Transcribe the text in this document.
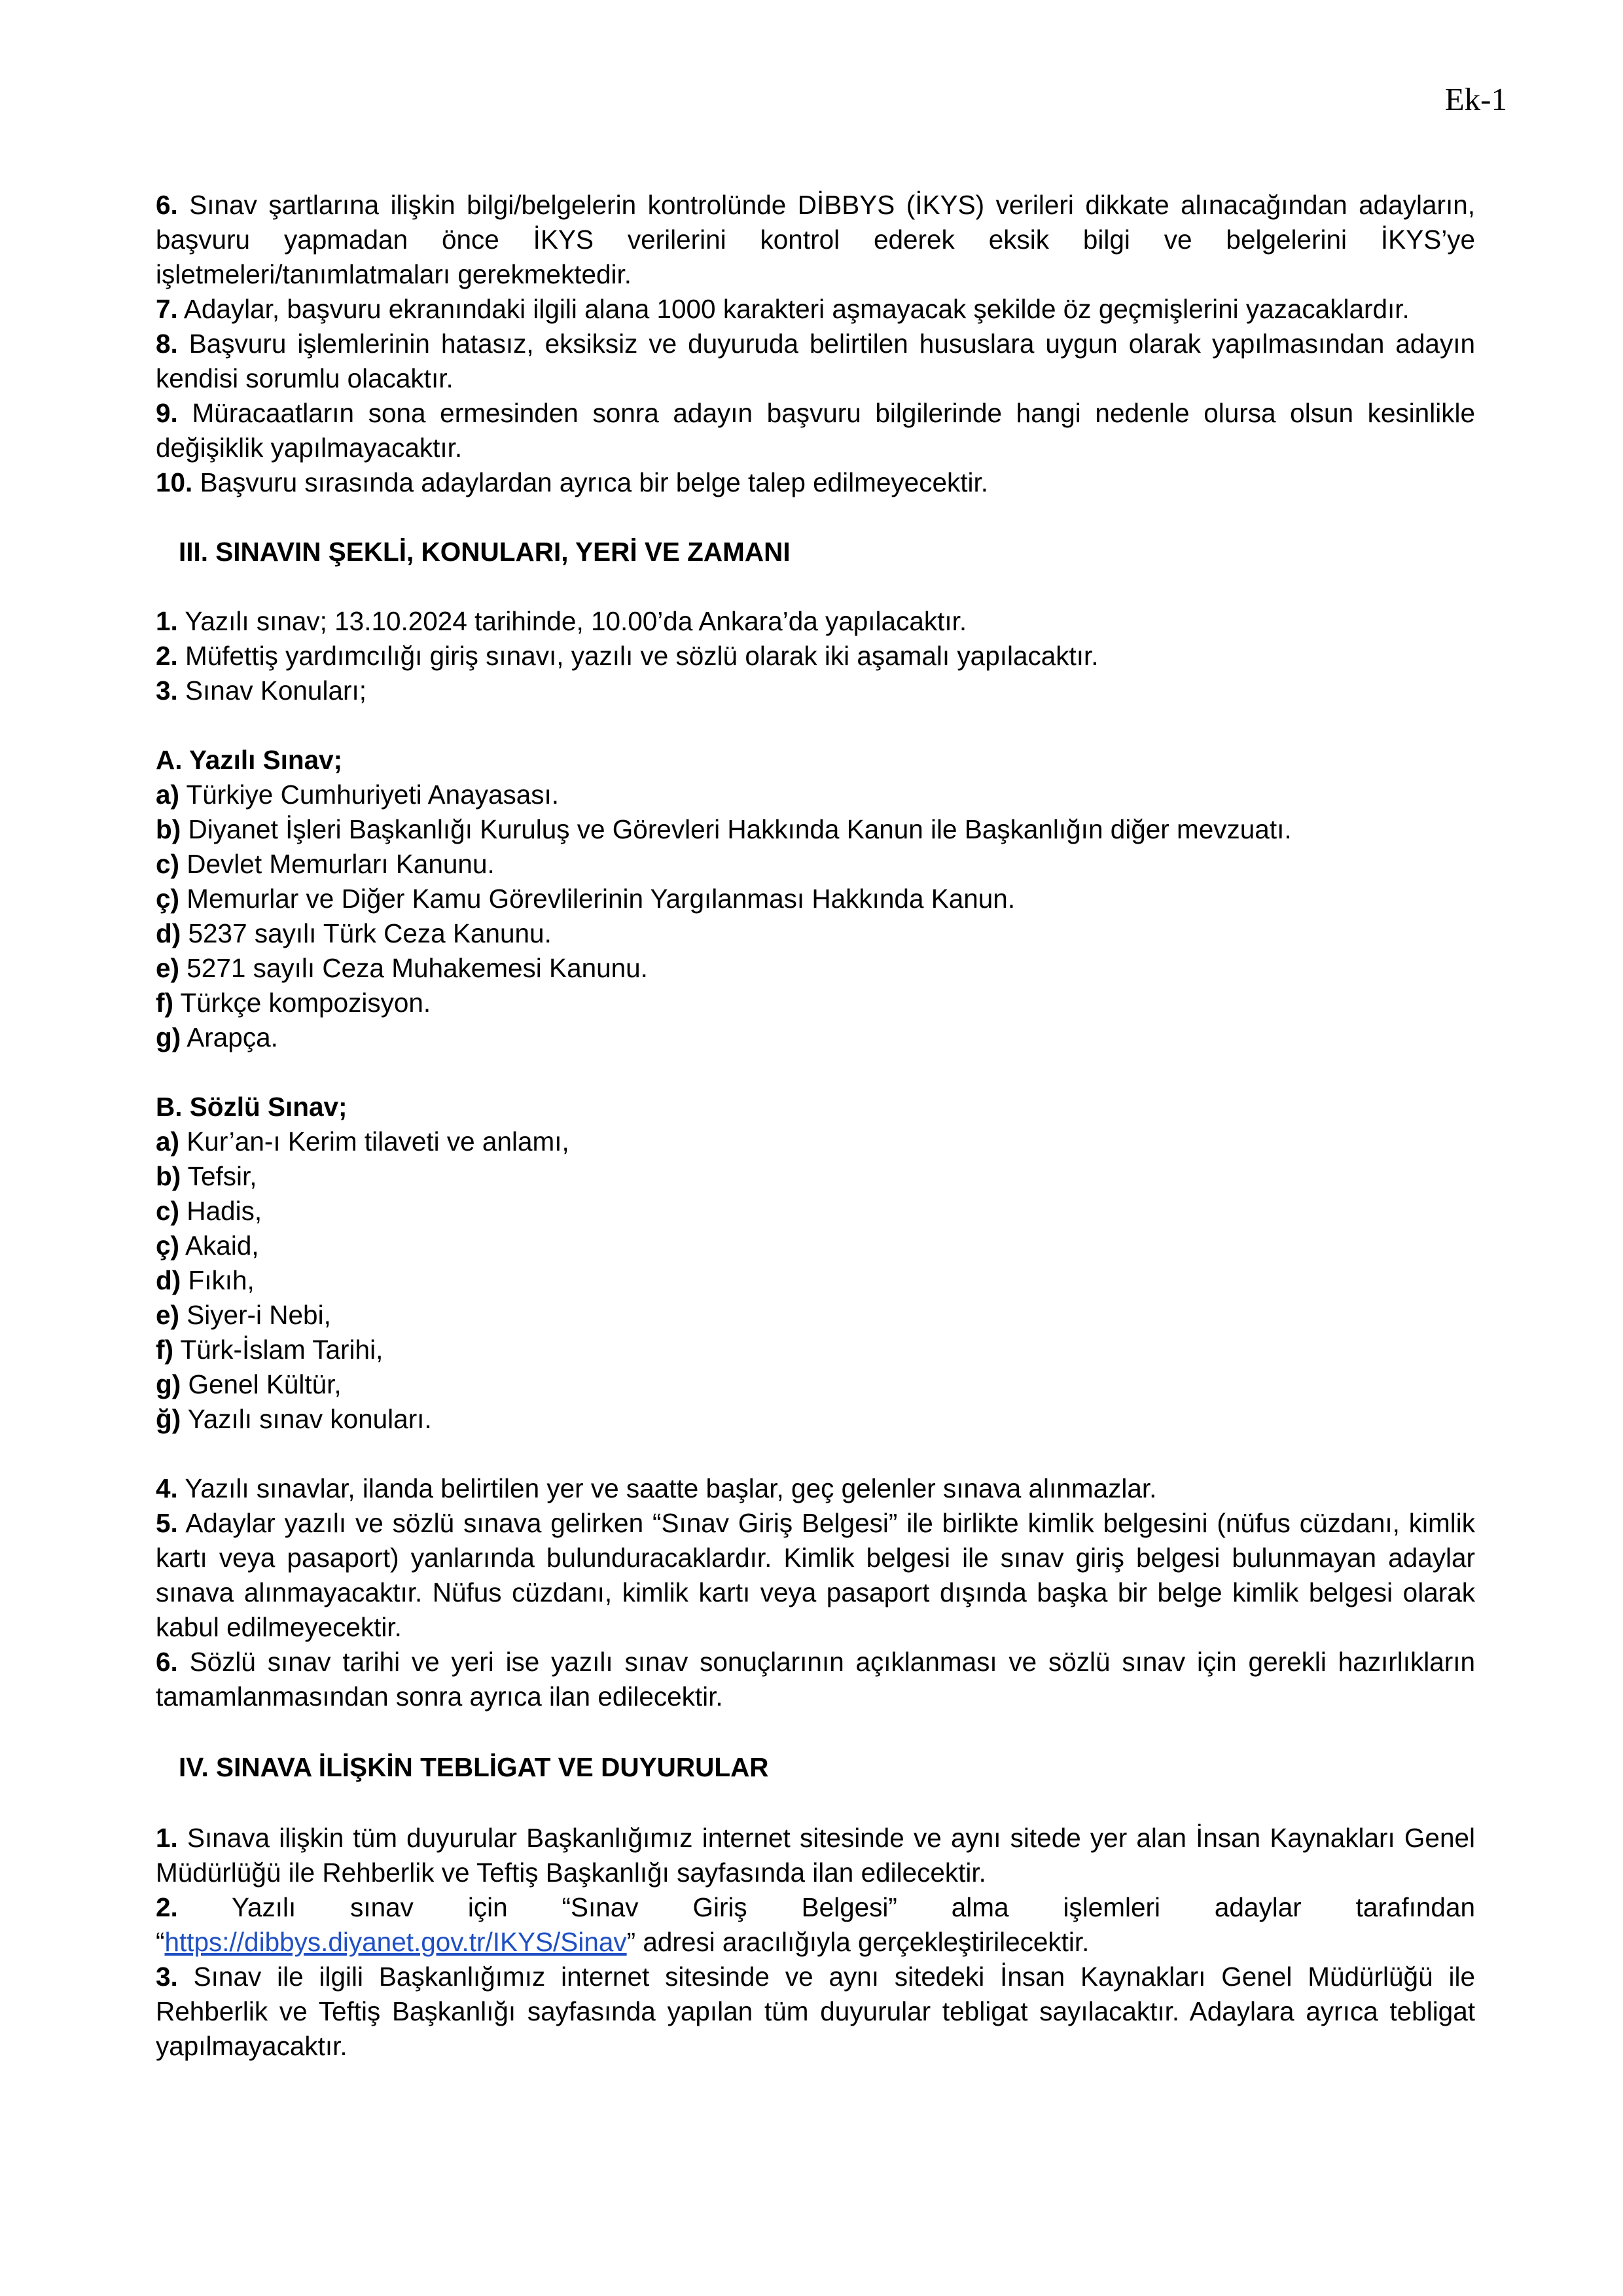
Ek-1

6. Sınav şartlarına ilişkin bilgi/belgelerin kontrolünde DİBBYS (İKYS) verileri dikkate alınacağından adayların, başvuru yapmadan önce İKYS verilerini kontrol ederek eksik bilgi ve belgelerini İKYS’ye işletmeleri/tanımlatmaları gerekmektedir.

7. Adaylar, başvuru ekranındaki ilgili alana 1000 karakteri aşmayacak şekilde öz geçmişlerini yazacaklardır.

8. Başvuru işlemlerinin hatasız, eksiksiz ve duyuruda belirtilen hususlara uygun olarak yapılmasından adayın kendisi sorumlu olacaktır.

9. Müracaatların sona ermesinden sonra adayın başvuru bilgilerinde hangi nedenle olursa olsun kesinlikle değişiklik yapılmayacaktır.

10. Başvuru sırasında adaylardan ayrıca bir belge talep edilmeyecektir.

III. SINAVIN ŞEKLİ, KONULARI, YERİ VE ZAMANI

1. Yazılı sınav; 13.10.2024 tarihinde, 10.00’da Ankara’da yapılacaktır.

2. Müfettiş yardımcılığı giriş sınavı, yazılı ve sözlü olarak iki aşamalı yapılacaktır.

3. Sınav Konuları;

A. Yazılı Sınav;

a) Türkiye Cumhuriyeti Anayasası.

b) Diyanet İşleri Başkanlığı Kuruluş ve Görevleri Hakkında Kanun ile Başkanlığın diğer mevzuatı.

c) Devlet Memurları Kanunu.

ç) Memurlar ve Diğer Kamu Görevlilerinin Yargılanması Hakkında Kanun.

d) 5237 sayılı Türk Ceza Kanunu.

e) 5271 sayılı Ceza Muhakemesi Kanunu.

f) Türkçe kompozisyon.

g) Arapça.

B. Sözlü Sınav;

a) Kur’an-ı Kerim tilaveti ve anlamı,

b) Tefsir,

c) Hadis,

ç) Akaid,

d) Fıkıh,

e) Siyer-i Nebi,

f) Türk-İslam Tarihi,

g) Genel Kültür,

ğ) Yazılı sınav konuları.

4. Yazılı sınavlar, ilanda belirtilen yer ve saatte başlar, geç gelenler sınava alınmazlar.

5. Adaylar yazılı ve sözlü sınava gelirken “Sınav Giriş Belgesi” ile birlikte kimlik belgesini (nüfus cüzdanı, kimlik kartı veya pasaport) yanlarında bulunduracaklardır. Kimlik belgesi ile sınav giriş belgesi bulunmayan adaylar sınava alınmayacaktır. Nüfus cüzdanı, kimlik kartı veya pasaport dışında başka bir belge kimlik belgesi olarak kabul edilmeyecektir.

6. Sözlü sınav tarihi ve yeri ise yazılı sınav sonuçlarının açıklanması ve sözlü sınav için gerekli hazırlıkların tamamlanmasından sonra ayrıca ilan edilecektir.

IV. SINAVA İLİŞKİN TEBLİGAT VE DUYURULAR

1. Sınava ilişkin tüm duyurular Başkanlığımız internet sitesinde ve aynı sitede yer alan İnsan Kaynakları Genel Müdürlüğü ile Rehberlik ve Teftiş Başkanlığı sayfasında ilan edilecektir.

2. Yazılı sınav için “Sınav Giriş Belgesi” alma işlemleri adaylar tarafından “https://dibbys.diyanet.gov.tr/IKYS/Sinav” adresi aracılığıyla gerçekleştirilecektir.

3. Sınav ile ilgili Başkanlığımız internet sitesinde ve aynı sitedeki İnsan Kaynakları Genel Müdürlüğü ile Rehberlik ve Teftiş Başkanlığı sayfasında yapılan tüm duyurular tebligat sayılacaktır. Adaylara ayrıca tebligat yapılmayacaktır.
